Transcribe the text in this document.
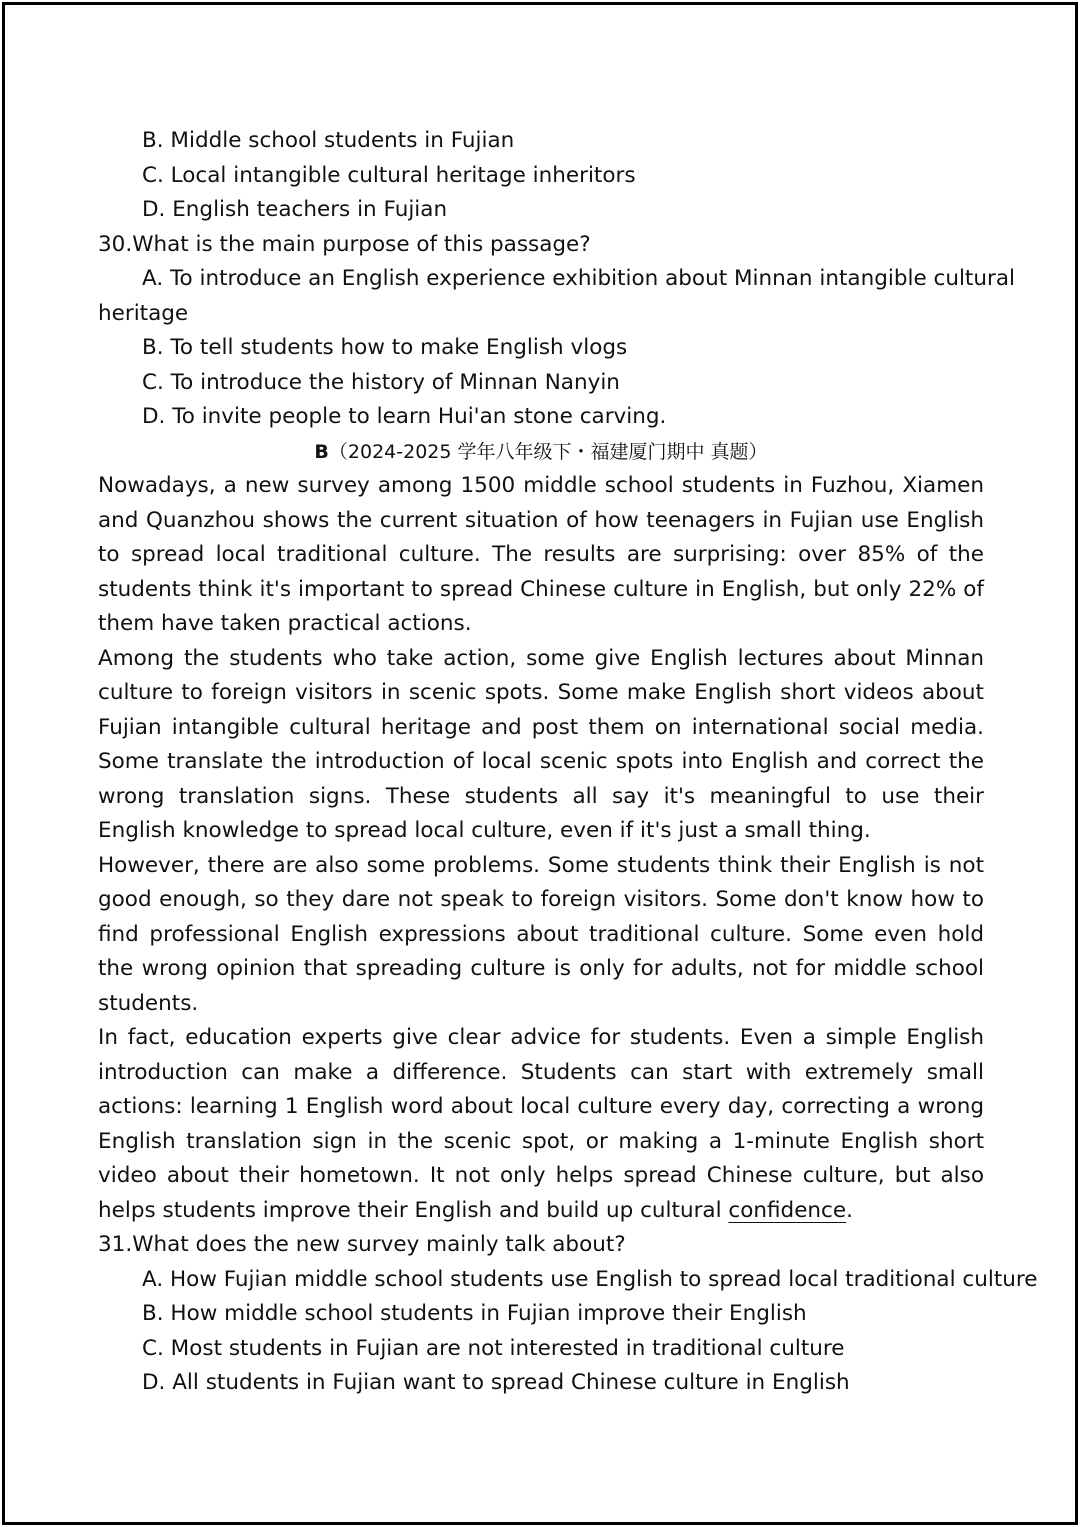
B. Middle school students in Fujian
C. Local intangible cultural heritage inheritors
D. English teachers in Fujian
30.What is the main purpose of this passage?
A. To introduce an English experience exhibition about Minnan intangible cultural
heritage
B. To tell students how to make English vlogs
C. To introduce the history of Minnan Nanyin
D. To invite people to learn Hui'an stone carving.
B（2024-2025 学年八年级下・福建厦门期中 真题）

Nowadays, a new survey among 1500 middle school students in Fuzhou, Xiamen and Quanzhou shows the current situation of how teenagers in Fujian use English to spread local traditional culture. The results are surprising: over 85% of the students think it's important to spread Chinese culture in English, but only 22% of them have taken practical actions.

Among the students who take action, some give English lectures about Minnan culture to foreign visitors in scenic spots. Some make English short videos about Fujian intangible cultural heritage and post them on international social media. Some translate the introduction of local scenic spots into English and correct the wrong translation signs. These students all say it's meaningful to use their English knowledge to spread local culture, even if it's just a small thing.

However, there are also some problems. Some students think their English is not good enough, so they dare not speak to foreign visitors. Some don't know how to find professional English expressions about traditional culture. Some even hold the wrong opinion that spreading culture is only for adults, not for middle school students.

In fact, education experts give clear advice for students. Even a simple English introduction can make a difference. Students can start with extremely small actions: learning 1 English word about local culture every day, correcting a wrong English translation sign in the scenic spot, or making a 1-minute English short video about their hometown. It not only helps spread Chinese culture, but also helps students improve their English and build up cultural confidence.

31.What does the new survey mainly talk about?
A. How Fujian middle school students use English to spread local traditional culture
B. How middle school students in Fujian improve their English
C. Most students in Fujian are not interested in traditional culture
D. All students in Fujian want to spread Chinese culture in English
